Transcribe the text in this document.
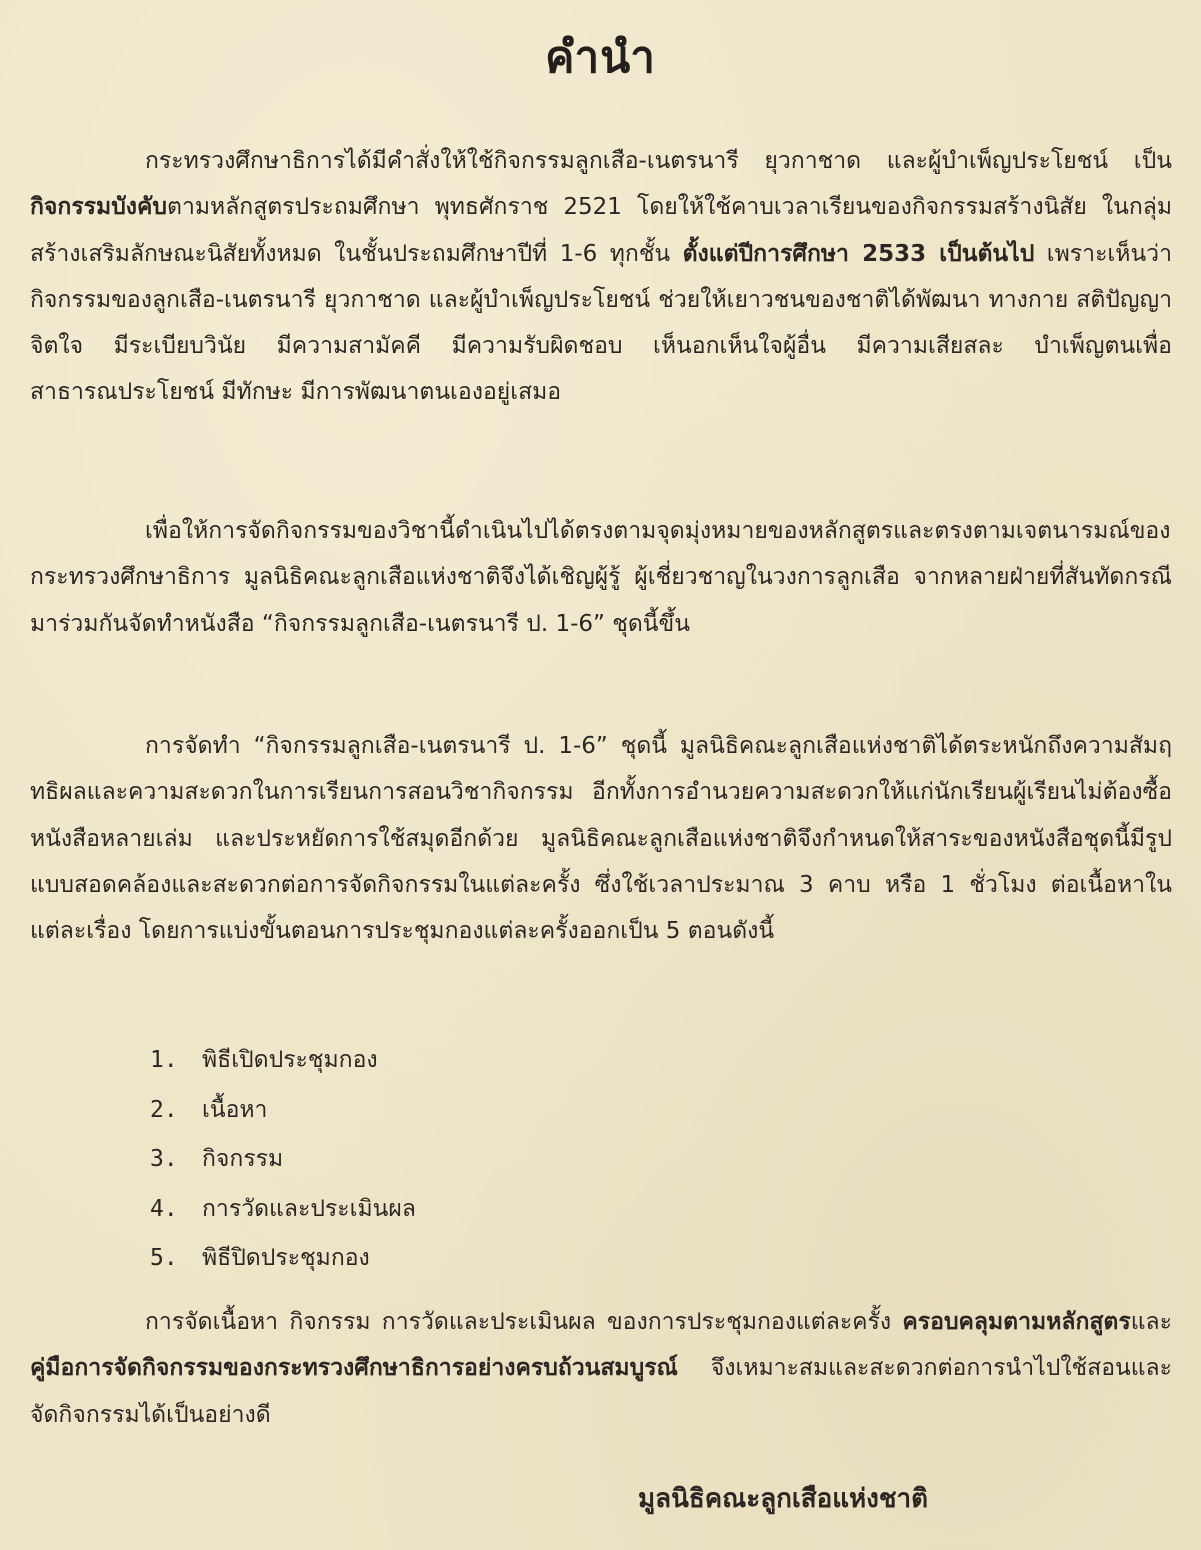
คำนำ

กระทรวงศึกษาธิการได้มีคำสั่งให้ใช้กิจกรรมลูกเสือ-เนตรนารี ยุวกาชาด และผู้บำเพ็ญประโยชน์ เป็นกิจกรรมบังคับตามหลักสูตรประถมศึกษา พุทธศักราช 2521 โดยให้ใช้คาบเวลาเรียนของกิจกรรมสร้างนิสัย ในกลุ่มสร้างเสริมลักษณะนิสัยทั้งหมด ในชั้นประถมศึกษาปีที่ 1-6 ทุกชั้น ตั้งแต่ปีการศึกษา 2533 เป็นต้นไป เพราะเห็นว่า กิจกรรมของลูกเสือ-เนตรนารี ยุวกาชาด และผู้บำเพ็ญประโยชน์ ช่วยให้เยาวชนของชาติได้พัฒนา ทางกาย สติปัญญา จิตใจ มีระเบียบวินัย มีความสามัคคี มีความรับผิดชอบ เห็นอกเห็นใจผู้อื่น มีความเสียสละ บำเพ็ญตนเพื่อสาธารณประโยชน์ มีทักษะ มีการพัฒนาตนเองอยู่เสมอ

เพื่อให้การจัดกิจกรรมของวิชานี้ดำเนินไปได้ตรงตามจุดมุ่งหมายของหลักสูตรและตรงตามเจตนารมณ์ของกระทรวงศึกษาธิการ มูลนิธิคณะลูกเสือแห่งชาติจึงได้เชิญผู้รู้ ผู้เชี่ยวชาญในวงการลูกเสือ จากหลายฝ่ายที่สันทัดกรณีมาร่วมกันจัดทำหนังสือ “กิจกรรมลูกเสือ-เนตรนารี ป. 1-6” ชุดนี้ขึ้น

การจัดทำ “กิจกรรมลูกเสือ-เนตรนารี ป. 1-6” ชุดนี้ มูลนิธิคณะลูกเสือแห่งชาติได้ตระหนักถึงความสัมฤทธิผลและความสะดวกในการเรียนการสอนวิชากิจกรรม อีกทั้งการอำนวยความสะดวกให้แก่นักเรียนผู้เรียนไม่ต้องซื้อหนังสือหลายเล่ม และประหยัดการใช้สมุดอีกด้วย มูลนิธิคณะลูกเสือแห่งชาติจึงกำหนดให้สาระของหนังสือชุดนี้มีรูปแบบสอดคล้องและสะดวกต่อการจัดกิจกรรมในแต่ละครั้ง ซึ่งใช้เวลาประมาณ 3 คาบ หรือ 1 ชั่วโมง ต่อเนื้อหาในแต่ละเรื่อง โดยการแบ่งขั้นตอนการประชุมกองแต่ละครั้งออกเป็น 5 ตอนดังนี้

1. พิธีเปิดประชุมกอง
2. เนื้อหา
3. กิจกรรม
4. การวัดและประเมินผล
5. พิธีปิดประชุมกอง

การจัดเนื้อหา กิจกรรม การวัดและประเมินผล ของการประชุมกองแต่ละครั้ง ครอบคลุมตามหลักสูตรและคู่มือการจัดกิจกรรมของกระทรวงศึกษาธิการอย่างครบถ้วนสมบูรณ์ จึงเหมาะสมและสะดวกต่อการนำไปใช้สอนและจัดกิจกรรมได้เป็นอย่างดี

มูลนิธิคณะลูกเสือแห่งชาติ
